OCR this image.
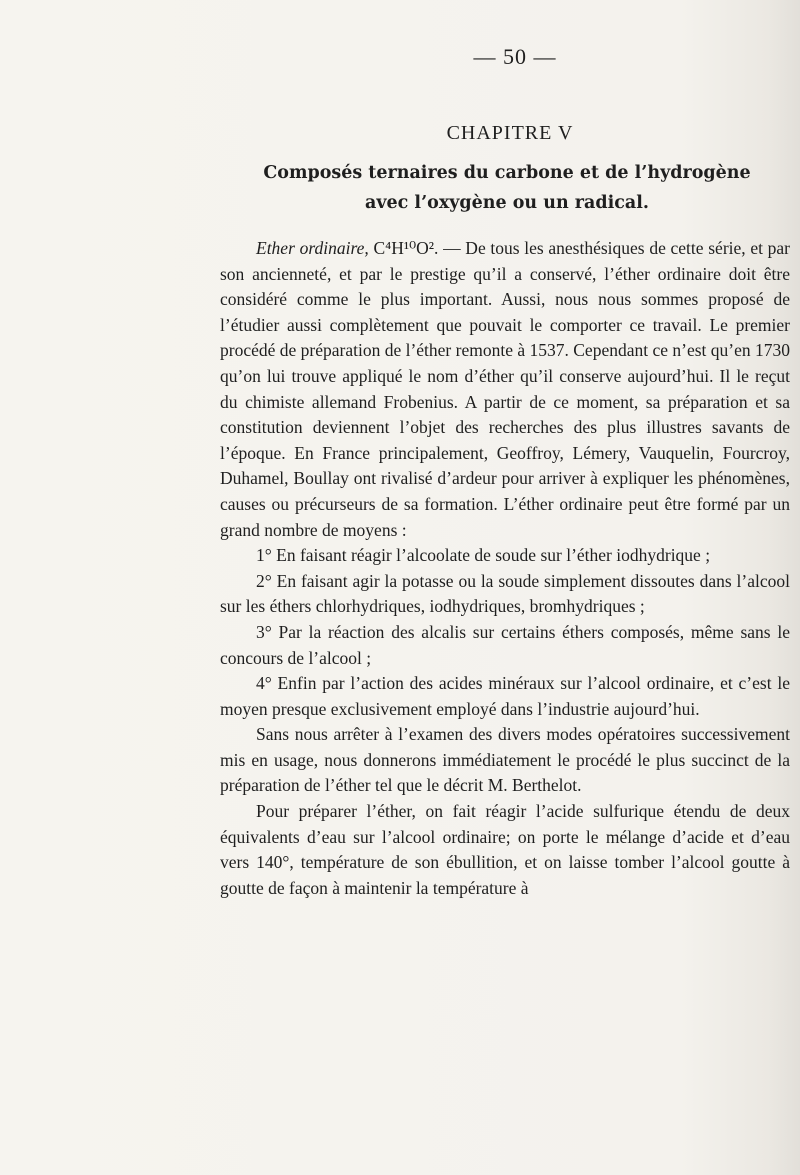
— 50 —
CHAPITRE V
Composés ternaires du carbone et de l’hydrogène
avec l’oxygène ou un radical.

Ether ordinaire, C⁴H¹⁰O². — De tous les anesthésiques de cette série, et par son ancienneté, et par le prestige qu’il a conservé, l’éther ordinaire doit être considéré comme le plus important. Aussi, nous nous sommes proposé de l’étudier aussi complètement que pouvait le comporter ce travail. Le premier procédé de préparation de l’éther remonte à 1537. Cependant ce n’est qu’en 1730 qu’on lui trouve appliqué le nom d’éther qu’il conserve aujourd’hui. Il le reçut du chimiste allemand Frobenius. A partir de ce moment, sa préparation et sa constitution deviennent l’objet des recherches des plus illustres savants de l’époque. En France principalement, Geoffroy, Lémery, Vauquelin, Fourcroy, Duhamel, Boullay ont rivalisé d’ardeur pour arriver à expliquer les phénomènes, causes ou précurseurs de sa formation. L’éther ordinaire peut être formé par un grand nombre de moyens :

1° En faisant réagir l’alcoolate de soude sur l’éther iodhydrique ;

2° En faisant agir la potasse ou la soude simplement dissoutes dans l’alcool sur les éthers chlorhydriques, iodhydriques, bromhydriques ;

3° Par la réaction des alcalis sur certains éthers composés, même sans le concours de l’alcool ;

4° Enfin par l’action des acides minéraux sur l’alcool ordinaire, et c’est le moyen presque exclusivement employé dans l’industrie aujourd’hui.

Sans nous arrêter à l’examen des divers modes opératoires successivement mis en usage, nous donnerons immédiatement le procédé le plus succinct de la préparation de l’éther tel que le décrit M. Berthelot.

Pour préparer l’éther, on fait réagir l’acide sulfurique étendu de deux équivalents d’eau sur l’alcool ordinaire; on porte le mélange d’acide et d’eau vers 140°, température de son ébullition, et on laisse tomber l’alcool goutte à goutte de façon à maintenir la température à
